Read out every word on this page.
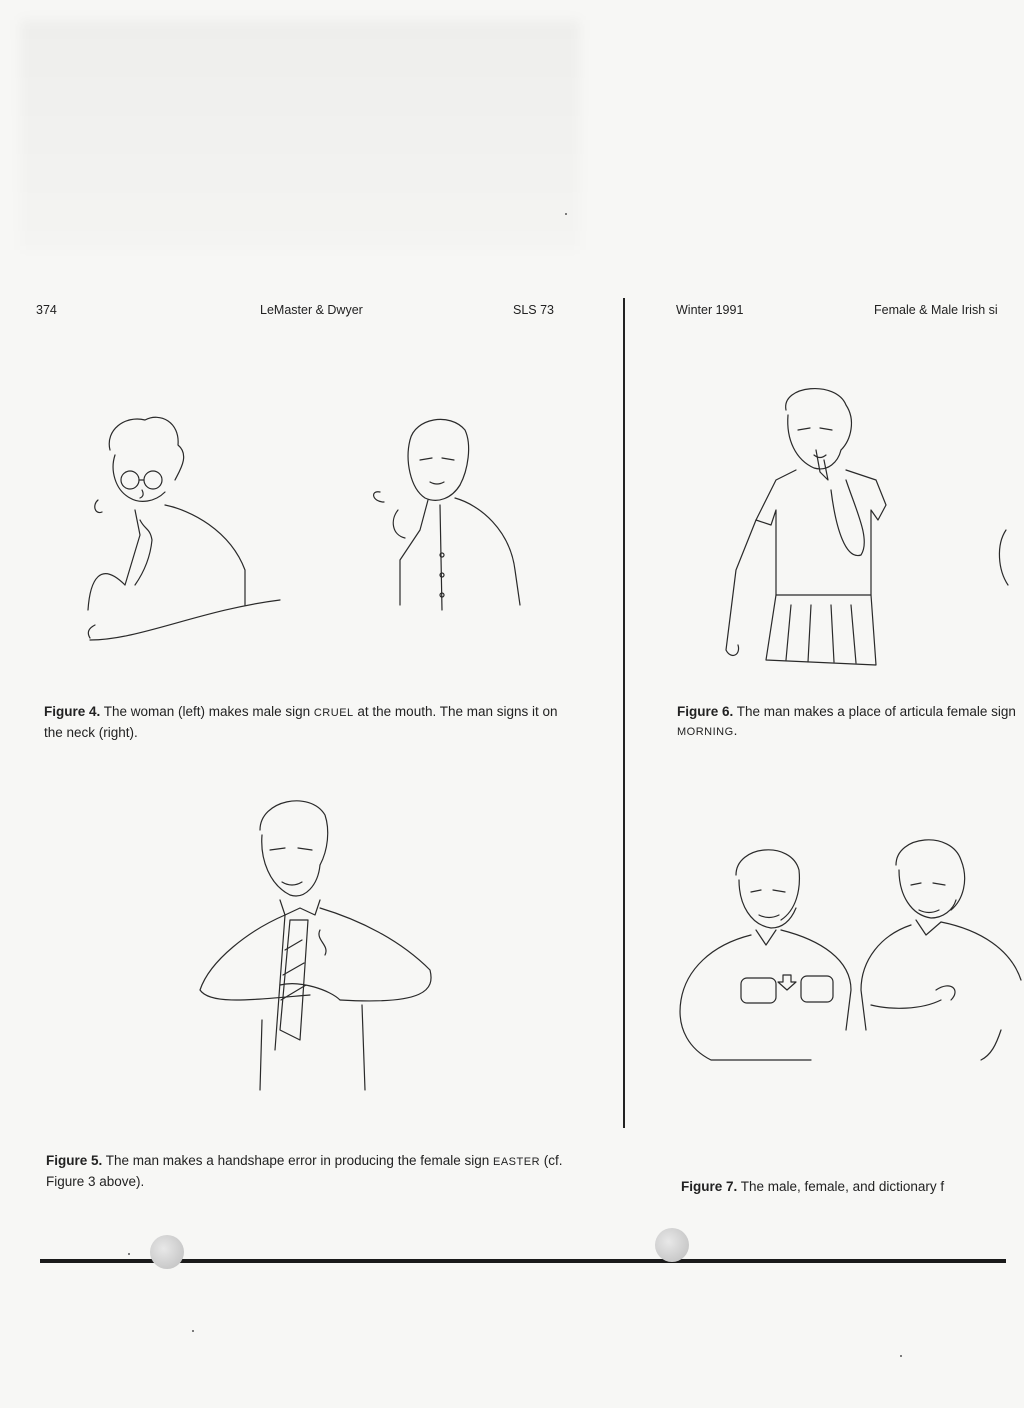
374	LeMaster & Dwyer	SLS 73

Figure 4. The woman (left) makes male sign CRUEL at the mouth. The man signs it on the neck (right).

Figure 5. The man makes a handshape error in producing the female sign EASTER (cf. Figure 3 above).

Winter 1991	Female & Male Irish si

Figure 6. The man makes a place of articula female sign MORNING.

Figure 7. The male, female, and dictionary f
